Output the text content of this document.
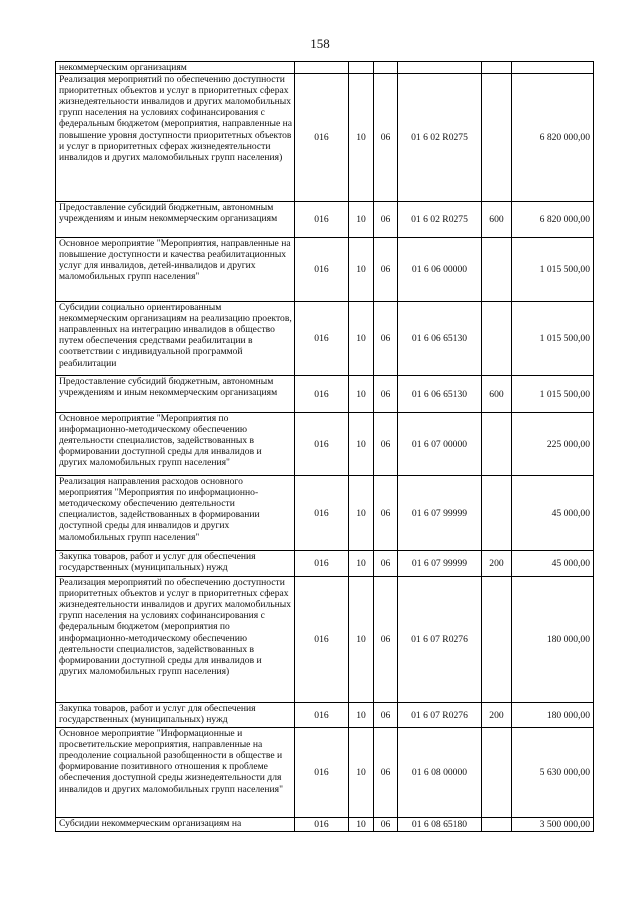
158
некоммерческим организациям						
Реализация мероприятий по обеспечению доступности приоритетных объектов и услуг в приоритетных сферах жизнедеятельности инвалидов и других маломобильных групп населения на условиях софинансирования с федеральным бюджетом (мероприятия, направленные на повышение уровня доступности приоритетных объектов и услуг в приоритетных сферах жизнедеятельности инвалидов и других маломобильных групп населения)	016	10	06	01 6 02 R0275		6 820 000,00
Предоставление субсидий бюджетным, автономным учреждениям и иным некоммерческим организациям	016	10	06	01 6 02 R0275	600	6 820 000,00
Основное мероприятие "Мероприятия, направленные на повышение доступности и качества реабилитационных услуг для инвалидов, детей-инвалидов и других маломобильных групп населения"	016	10	06	01 6 06 00000		1 015 500,00
Субсидии социально ориентированным некоммерческим организациям на реализацию проектов, направленных на интеграцию инвалидов в общество путем обеспечения средствами реабилитации в соответствии с индивидуальной программой реабилитации	016	10	06	01 6 06 65130		1 015 500,00
Предоставление субсидий бюджетным, автономным учреждениям и иным некоммерческим организациям	016	10	06	01 6 06 65130	600	1 015 500,00
Основное мероприятие "Мероприятия по информационно-методическому обеспечению деятельности специалистов, задействованных в формировании доступной среды для инвалидов и других маломобильных групп населения"	016	10	06	01 6 07 00000		225 000,00
Реализация направления расходов основного мероприятия "Мероприятия по информационно-методическому обеспечению деятельности специалистов, задействованных в формировании доступной среды для инвалидов и других маломобильных групп населения"	016	10	06	01 6 07 99999		45 000,00
Закупка товаров, работ и услуг для обеспечения государственных (муниципальных) нужд	016	10	06	01 6 07 99999	200	45 000,00
Реализация мероприятий по обеспечению доступности приоритетных объектов и услуг в приоритетных сферах жизнедеятельности инвалидов и других маломобильных групп населения на условиях софинансирования с федеральным бюджетом (мероприятия по информационно-методическому обеспечению деятельности специалистов, задействованных в формировании доступной среды для инвалидов и других маломобильных групп населения)	016	10	06	01 6 07 R0276		180 000,00
Закупка товаров, работ и услуг для обеспечения государственных (муниципальных) нужд	016	10	06	01 6 07 R0276	200	180 000,00
Основное мероприятие "Информационные и просветительские мероприятия, направленные на преодоление социальной разобщенности в обществе и формирование позитивного отношения к проблеме обеспечения доступной среды жизнедеятельности для инвалидов и других маломобильных групп населения"	016	10	06	01 6 08 00000		5 630 000,00
Субсидии некоммерческим организациям на	016	10	06	01 6 08 65180		3 500 000,00
